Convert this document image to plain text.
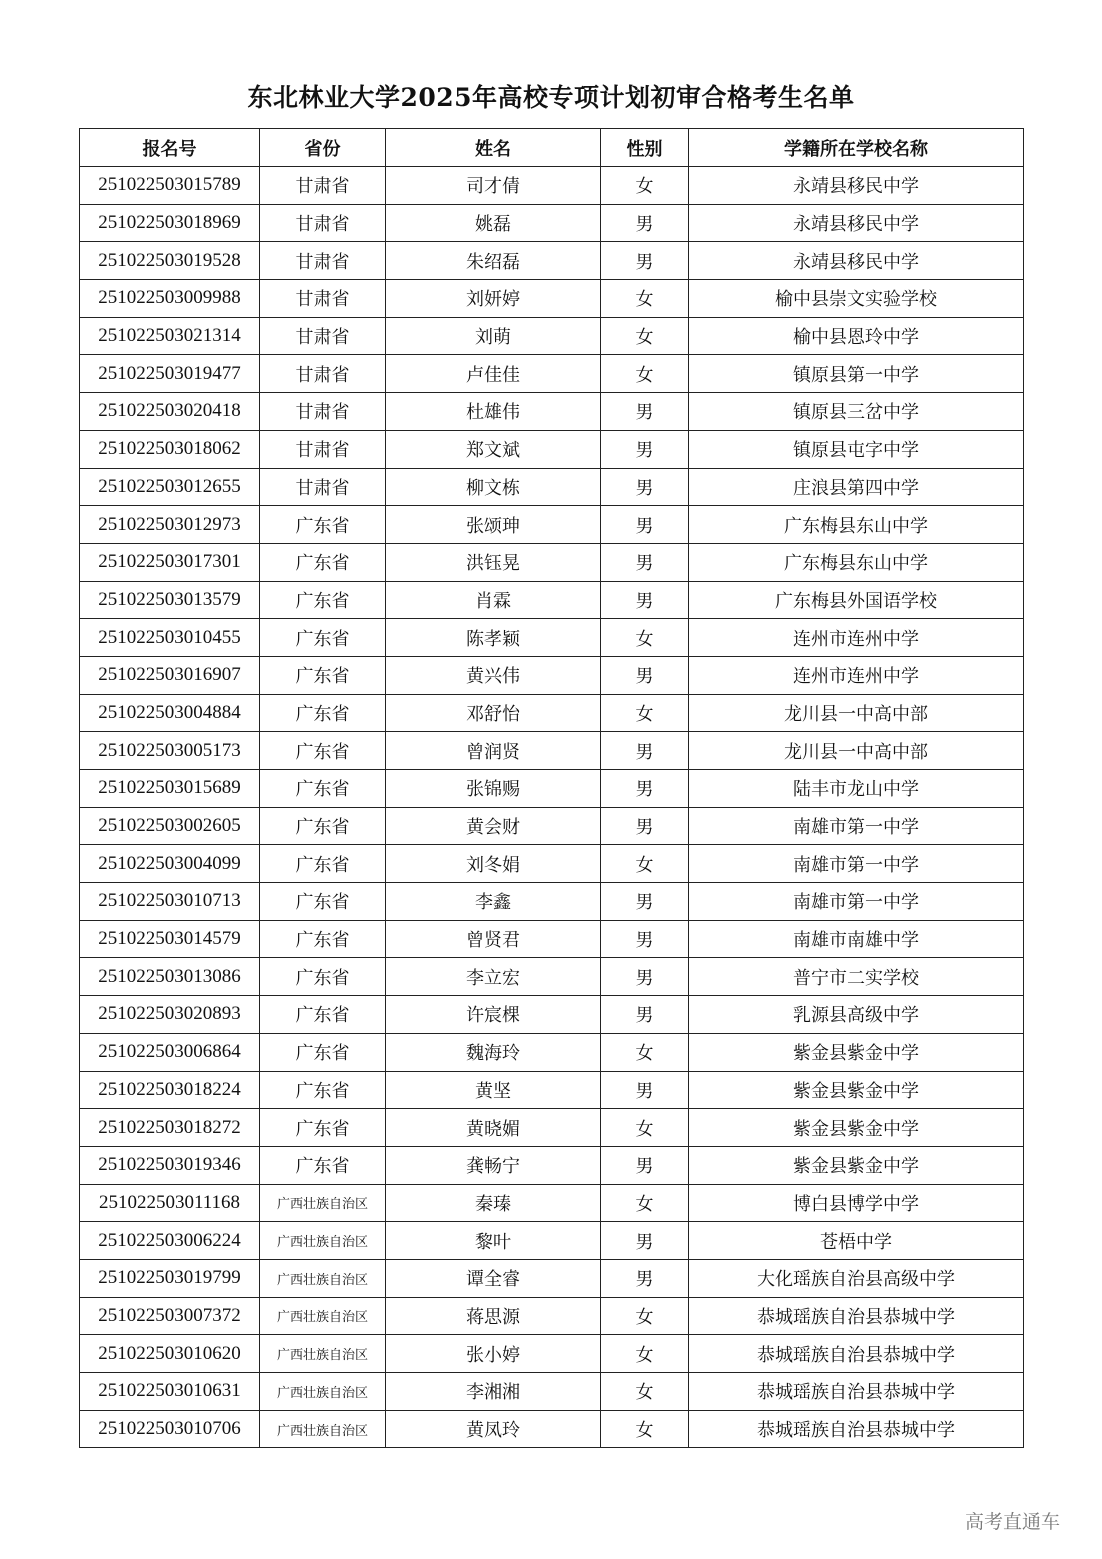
东北林业大学2025年高校专项计划初审合格考生名单
报名号	省份	姓名	性别	学籍所在学校名称
251022503015789	甘肃省	司才倩	女	永靖县移民中学
251022503018969	甘肃省	姚磊	男	永靖县移民中学
251022503019528	甘肃省	朱绍磊	男	永靖县移民中学
251022503009988	甘肃省	刘妍婷	女	榆中县崇文实验学校
251022503021314	甘肃省	刘萌	女	榆中县恩玲中学
251022503019477	甘肃省	卢佳佳	女	镇原县第一中学
251022503020418	甘肃省	杜雄伟	男	镇原县三岔中学
251022503018062	甘肃省	郑文斌	男	镇原县屯字中学
251022503012655	甘肃省	柳文栋	男	庄浪县第四中学
251022503012973	广东省	张颂珅	男	广东梅县东山中学
251022503017301	广东省	洪钰晃	男	广东梅县东山中学
251022503013579	广东省	肖霖	男	广东梅县外国语学校
251022503010455	广东省	陈孝颖	女	连州市连州中学
251022503016907	广东省	黄兴伟	男	连州市连州中学
251022503004884	广东省	邓舒怡	女	龙川县一中高中部
251022503005173	广东省	曾润贤	男	龙川县一中高中部
251022503015689	广东省	张锦赐	男	陆丰市龙山中学
251022503002605	广东省	黄会财	男	南雄市第一中学
251022503004099	广东省	刘冬娟	女	南雄市第一中学
251022503010713	广东省	李鑫	男	南雄市第一中学
251022503014579	广东省	曾贤君	男	南雄市南雄中学
251022503013086	广东省	李立宏	男	普宁市二实学校
251022503020893	广东省	许宸棵	男	乳源县高级中学
251022503006864	广东省	魏海玲	女	紫金县紫金中学
251022503018224	广东省	黄坚	男	紫金县紫金中学
251022503018272	广东省	黄晓媚	女	紫金县紫金中学
251022503019346	广东省	龚畅宁	男	紫金县紫金中学
251022503011168	广西壮族自治区	秦瑧	女	博白县博学中学
251022503006224	广西壮族自治区	黎叶	男	苍梧中学
251022503019799	广西壮族自治区	谭全睿	男	大化瑶族自治县高级中学
251022503007372	广西壮族自治区	蒋思源	女	恭城瑶族自治县恭城中学
251022503010620	广西壮族自治区	张小婷	女	恭城瑶族自治县恭城中学
251022503010631	广西壮族自治区	李湘湘	女	恭城瑶族自治县恭城中学
251022503010706	广西壮族自治区	黄凤玲	女	恭城瑶族自治县恭城中学
高考直通车
